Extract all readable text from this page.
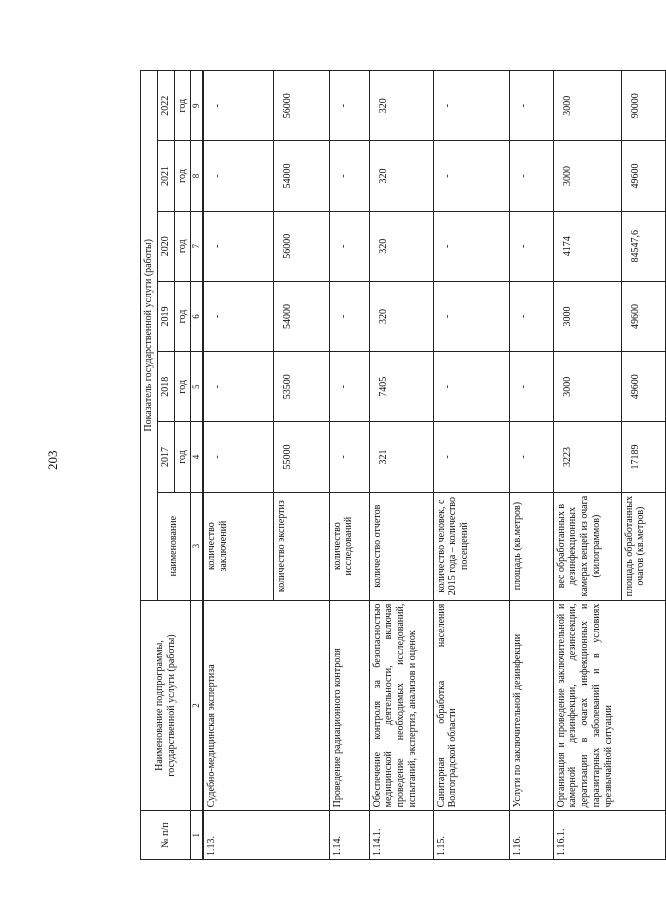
203
№ п/п	Наименование подпрограммы, государственной услуги (работы)	Показатель государственной услуги (работы)						
		наименование	2017	2018	2019	2020	2021	2022
			год	год	год	год	год	год
1	2	3	4	5	6	7	8	9
1.13.	Судебно-медицинская экспертиза	количество заключений	-	-	-	-	-	-
		количество экспертиз	55000	53500	54000	56000	54000	56000
1.14.	Проведение радиационного контроля	количество исследований	-	-	-	-	-	-
1.14.1.	Обеспечение контроля за безопасностью медицинской деятельности, включая проведение необходимых исследований, испытаний, экспертиз, анализов и оценок	количество отчетов	321	7405	320	320	320	320
1.15.	Санитарная обработка населения Волгоградской области	количество человек, с 2015 года – количество посещений	-	-	-	-	-	-
1.16.	Услуги по заключительной дезинфекции	площадь (кв.метров)	-	-	-	-	-	-
1.16.1.	Организация и проведение заключительной и камерной дезинфекции, дезинсекции, дератизации в очагах инфекционных и паразитарных заболеваний и в условиях чрезвычайной ситуации	вес обработанных в дезинфекционных камерах вещей из очага (килограммов)	3223	3000	3000	4174	3000	3000
		площадь обработанных очагов (кв.метров)	17189	49600	49600	84547,6	49600	90000
